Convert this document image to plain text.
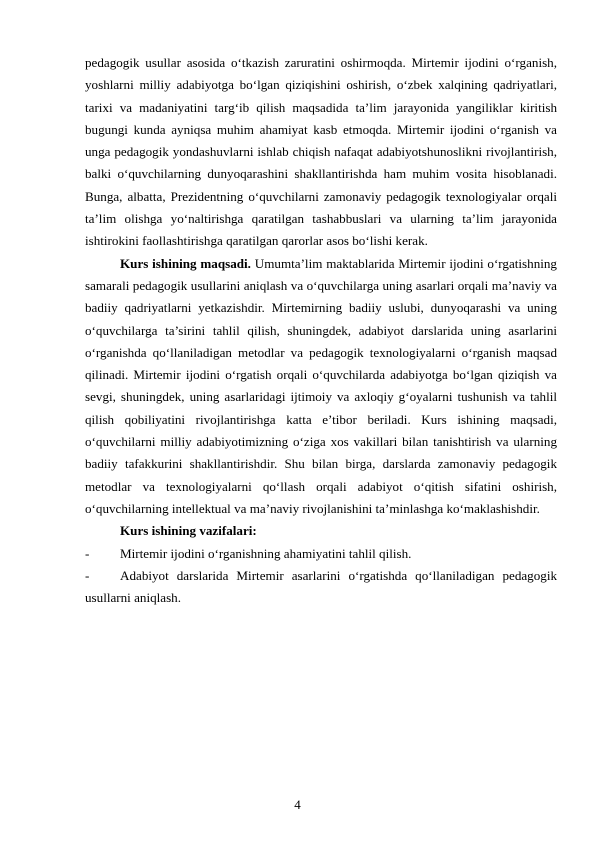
pedagogik usullar asosida o‘tkazish zaruratini oshirmoqda. Mirtemir ijodini o‘rganish, yoshlarni milliy adabiyotga bo‘lgan qiziqishini oshirish, o‘zbek xalqining qadriyatlari, tarixi va madaniyatini targ‘ib qilish maqsadida ta’lim jarayonida yangiliklar kiritish bugungi kunda ayniqsa muhim ahamiyat kasb etmoqda. Mirtemir ijodini o‘rganish va unga pedagogik yondashuvlarni ishlab chiqish nafaqat adabiyotshunoslikni rivojlantirish, balki o‘quvchilarning dunyoqarashini shakllantirishda ham muhim vosita hisoblanadi. Bunga, albatta, Prezidentning o‘quvchilarni zamonaviy pedagogik texnologiyalar orqali ta’lim olishga yo‘naltirishga qaratilgan tashabbuslari va ularning ta’lim jarayonida ishtirokini faollashtirishga qaratilgan qarorlar asos bo‘lishi kerak.

Kurs ishining maqsadi. Umumta’lim maktablarida Mirtemir ijodini o‘rgatishning samarali pedagogik usullarini aniqlash va o‘quvchilarga uning asarlari orqali ma’naviy va badiiy qadriyatlarni yetkazishdir. Mirtemirning badiiy uslubi, dunyoqarashi va uning o‘quvchilarga ta’sirini tahlil qilish, shuningdek, adabiyot darslarida uning asarlarini o‘rganishda qo‘llaniladigan metodlar va pedagogik texnologiyalarni o‘rganish maqsad qilinadi. Mirtemir ijodini o‘rgatish orqali o‘quvchilarda adabiyotga bo‘lgan qiziqish va sevgi, shuningdek, uning asarlaridagi ijtimoiy va axloqiy g‘oyalarni tushunish va tahlil qilish qobiliyatini rivojlantirishga katta e’tibor beriladi. Kurs ishining maqsadi, o‘quvchilarni milliy adabiyotimizning o‘ziga xos vakillari bilan tanishtirish va ularning badiiy tafakkurini shakllantirishdir. Shu bilan birga, darslarda zamonaviy pedagogik metodlar va texnologiyalarni qo‘llash orqali adabiyot o‘qitish sifatini oshirish, o‘quvchilarning intellektual va ma’naviy rivojlanishini ta’minlashga ko‘maklashishdir.

Kurs ishining vazifalari:

-	Mirtemir ijodini o‘rganishning ahamiyatini tahlil qilish.

-	Adabiyot darslarida Mirtemir asarlarini o‘rgatishda qo‘llaniladigan pedagogik usullarni aniqlash.

4
